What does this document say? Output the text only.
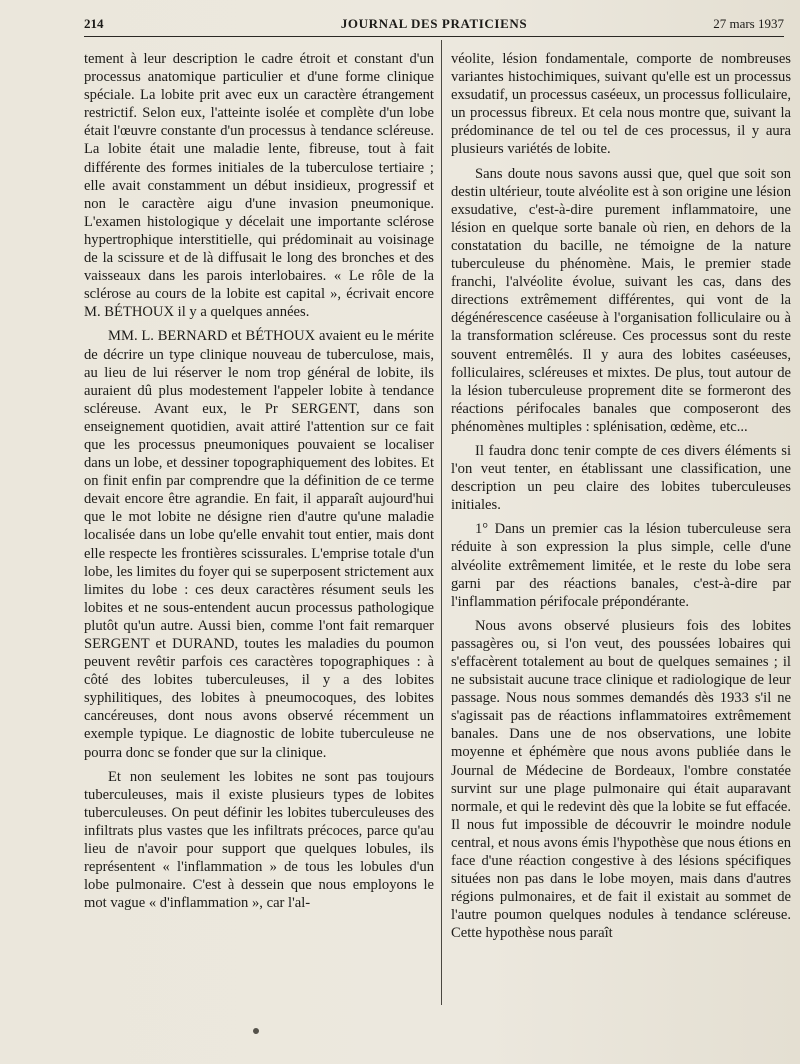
214	JOURNAL DES PRATICIENS	27 mars 1937

tement à leur description le cadre étroit et constant d'un processus anatomique particulier et d'une forme clinique spéciale. La lobite prit avec eux un caractère étrangement restrictif. Selon eux, l'atteinte isolée et complète d'un lobe était l'œuvre constante d'un processus à tendance scléreuse. La lobite était une maladie lente, fibreuse, tout à fait différente des formes initiales de la tuberculose tertiaire ; elle avait constamment un début insidieux, progressif et non le caractère aigu d'une invasion pneumonique. L'examen histologique y décelait une importante sclérose hypertrophique interstitielle, qui prédominait au voisinage de la scissure et de là diffusait le long des bronches et des vaisseaux dans les parois interlobaires. « Le rôle de la sclérose au cours de la lobite est capital », écrivait encore M. BÉTHOUX il y a quelques années.

MM. L. BERNARD et BÉTHOUX avaient eu le mérite de décrire un type clinique nouveau de tuberculose, mais, au lieu de lui réserver le nom trop général de lobite, ils auraient dû plus modestement l'appeler lobite à tendance scléreuse. Avant eux, le Pr SERGENT, dans son enseignement quotidien, avait attiré l'attention sur ce fait que les processus pneumoniques pouvaient se localiser dans un lobe, et dessiner topographiquement des lobites. Et on finit enfin par comprendre que la définition de ce terme devait encore être agrandie. En fait, il apparaît aujourd'hui que le mot lobite ne désigne rien d'autre qu'une maladie localisée dans un lobe qu'elle envahit tout entier, mais dont elle respecte les frontières scissurales. L'emprise totale d'un lobe, les limites du foyer qui se superposent strictement aux limites du lobe : ces deux caractères résument seuls les lobites et ne sous-entendent aucun processus pathologique plutôt qu'un autre. Aussi bien, comme l'ont fait remarquer SERGENT et DURAND, toutes les maladies du poumon peuvent revêtir parfois ces caractères topographiques : à côté des lobites tuberculeuses, il y a des lobites syphilitiques, des lobites à pneumocoques, des lobites cancéreuses, dont nous avons observé récemment un exemple typique. Le diagnostic de lobite tuberculeuse ne pourra donc se fonder que sur la clinique.

Et non seulement les lobites ne sont pas toujours tuberculeuses, mais il existe plusieurs types de lobites tuberculeuses. On peut définir les lobites tuberculeuses des infiltrats plus vastes que les infiltrats précoces, parce qu'au lieu de n'avoir pour support que quelques lobules, ils représentent « l'inflammation » de tous les lobules d'un lobe pulmonaire. C'est à dessein que nous employons le mot vague « d'inflammation », car l'al-

véolite, lésion fondamentale, comporte de nombreuses variantes histochimiques, suivant qu'elle est un processus exsudatif, un processus caséeux, un processus folliculaire, un processus fibreux. Et cela nous montre que, suivant la prédominance de tel ou tel de ces processus, il y aura plusieurs variétés de lobite.

Sans doute nous savons aussi que, quel que soit son destin ultérieur, toute alvéolite est à son origine une lésion exsudative, c'est-à-dire purement inflammatoire, une lésion en quelque sorte banale où rien, en dehors de la constatation du bacille, ne témoigne de la nature tuberculeuse du phénomène. Mais, le premier stade franchi, l'alvéolite évolue, suivant les cas, dans des directions extrêmement différentes, qui vont de la dégénérescence caséeuse à l'organisation folliculaire ou à la transformation scléreuse. Ces processus sont du reste souvent entremêlés. Il y aura des lobites caséeuses, folliculaires, scléreuses et mixtes. De plus, tout autour de la lésion tuberculeuse proprement dite se formeront des réactions périfocales banales que composeront des phénomènes multiples : splénisation, œdème, etc...

Il faudra donc tenir compte de ces divers éléments si l'on veut tenter, en établissant une classification, une description un peu claire des lobites tuberculeuses initiales.

1° Dans un premier cas la lésion tuberculeuse sera réduite à son expression la plus simple, celle d'une alvéolite extrêmement limitée, et le reste du lobe sera garni par des réactions banales, c'est-à-dire par l'inflammation périfocale prépondérante.

Nous avons observé plusieurs fois des lobites passagères ou, si l'on veut, des poussées lobaires qui s'effacèrent totalement au bout de quelques semaines ; il ne subsistait aucune trace clinique et radiologique de leur passage. Nous nous sommes demandés dès 1933 s'il ne s'agissait pas de réactions inflammatoires extrêmement banales. Dans une de nos observations, une lobite moyenne et éphémère que nous avons publiée dans le Journal de Médecine de Bordeaux, l'ombre constatée survint sur une plage pulmonaire qui était auparavant normale, et qui le redevint dès que la lobite se fut effacée. Il nous fut impossible de découvrir le moindre nodule central, et nous avons émis l'hypothèse que nous étions en face d'une réaction congestive à des lésions spécifiques situées non pas dans le lobe moyen, mais dans d'autres régions pulmonaires, et de fait il existait au sommet de l'autre poumon quelques nodules à tendance scléreuse. Cette hypothèse nous paraît
